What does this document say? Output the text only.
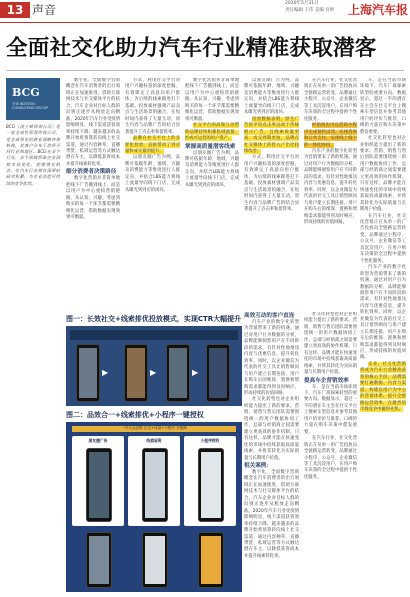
13 声音	2020年5月31日
责任编辑 王伟 美编 宫婷 上海汽车报
全面社交化助力汽车行业精准获取潜客
BCG
THE BOSTON CONSULTING GROUP
BCG（波士顿咨询公司）是一家全球性管理咨询公司，是全球领先的商业战略咨询机构，其客户分布于世界不同行业和地区。BCG在多个行业、多个领域帮助企业洞察市场变化、把握增长机会，在汽车行业拥有深厚的研究积累，为企业创造可持续的竞争优势。

数字化、全面数字营销概念在汽车消费者的出行领域正在加速推进，借助互联网技术与社交媒体平台的结合，汽车企业对目标人群的识别正逐步从粗放走向精准。2020年汽车行业受疫情影响明显，线下渠道获客效率持续下降，越来越多的品牌开始将预算转向线上社交渠道，通过内容种草、直播带货、私域运营等方式触达潜在车主，以降低获客成本并提升线索转化率。

细分消费者决策路径

数字化营销并非简单地把线下广告搬到线上，而是以用户为中心重构营销链路，从认知、兴趣、考虑到购买的每一个环节都需要精细化运营，借助数据实现效果可衡量。

方式，利用社交平台对用户兴趣标签的深度挖掘，有效锁定了高意向用户群体，为后续的线索跟进打下基础。投放素材强调产品卖点与生活场景的融合，在短时间内获得了大量互动，原生内容与品牌广告的结合显著提升了点击率和留资率。

品牌在社交平台上的多样化投放，直接带动了到店量和成交量的提升。

以朋友圈广告为例，品牌可依据年龄、地域、兴趣及消费能力等维度进行人群定向，并结合LBS能力将线上流量导向线下门店，完成从曝光到到店的闭环。

数字化营销并非简单地把线下广告搬到线上，而是以用户为中心重构营销链路，从认知、兴趣、考虑到购买的每一个环节都需要精细化运营，借助数据实现效果可衡量。

社交平台的高频互动帮助品牌持续积累私域流量，形成可运营的用户资产。

掌握高质量潜客线索

以朋友圈广告为例，品牌可依据年龄、地域、兴趣及消费能力等维度进行人群定向，并结合LBS能力将线上流量导向线下门店，完成从曝光到到店的闭环。

以朋友圈广告为例，品牌可依据年龄、地域、兴趣及消费能力等维度进行人群定向，并结合LBS能力将线上流量导向线下门店，完成从曝光到到店的闭环。

投放数据表明，原生广告的平均点击率远高于传统展示广告，且线索质量更高、成交周期更短，品牌在社交媒体上的投入产出比持续改善。

方式，利用社交平台对用户兴趣标签的深度挖掘，有效锁定了高意向用户群体，为后续的线索跟进打下基础。投放素材强调产品卖点与生活场景的融合，在短时间内获得了大量互动，原生内容与品牌广告的结合显著提升了点击率和留资率。

在汽车行业，社交化营销正在从单一的广告投放向全链路运营转变。品牌通过小程序、公众号、企业微信等工具沉淀用户，在用户购车决策的全过程中提供个性化服务。

经销商也可以借助小程序完成预约试驾、在线咨询和订单支付，实现线上线下的一体化协同。

汽车产业的数字化转型为营销带来了新的机遇。通过对用户行为数据的分析，品牌能够洞察用户在不同阶段的需求，有针对性地推送内容与优惠信息，提升转化效率。同时，以企业微信为代表的社交工具让销售顾问与用户建立长期连接，用户在购车后的维保、置换和增购需求都能得到及时响应，形成持续的价值回路。

车，是在当前市场环境下，汽车厂商探索转型的重要方向。数据显示，超过一半的潜在车主会在社交平台上搜索车型信息并参考其他用户的评价与推荐，口碑的力量在购车决策中愈发重要。

社交化转型也对企业组织能力提出了新的要求。营销、销售与售后团队需要围绕统一的用户数据协同工作，总部与经销商之间需要建立更高效的协作机制。只有这样，品牌才能在快速变化的市场中持续获取高质量线索，并将其转化为实际销量与长期用户价值。

在汽车行业，社交化营销正在从单一的广告投放向全链路运营转变。品牌通过小程序、公众号、企业微信等工具沉淀用户，在用户购车决策的全过程中提供个性化服务。

汽车产业的数字化转型为营销带来了新的机遇。通过对用户行为数据的分析，品牌能够洞察用户在不同阶段的需求，有针对性地推送内容与优惠信息，提升转化效率。同时，以企业微信为代表的社交工具让销售顾问与用户建立长期连接，用户在购车后的维保、置换和增购需求都能得到及时响应，形成持续的价值回路。

未来，社交化营销将成为汽车行业精准获客的核心手段，品牌需要打通数据、内容与渠道，构建以用户为中心的营销体系，提升全链路运营效率，在激烈的市场竞争中赢得先机。

高效互动的客户直连

汽车产业的数字化转型为营销带来了新的机遇。通过对用户行为数据的分析，品牌能够洞察用户在不同阶段的需求，有针对性地推送内容与优惠信息，提升转化效率。同时，以企业微信为代表的社交工具让销售顾问与用户建立长期连接，用户在购车后的维保、置换和增购需求都能得到及时响应，形成持续的价值回路。

社交化转型也对企业组织能力提出了新的要求。营销、销售与售后团队需要围绕统一的用户数据协同工作，总部与经销商之间需要建立更高效的协作机制。只有这样，品牌才能在快速变化的市场中持续获取高质量线索，并将其转化为实际销量与长期用户价值。

相关案例：

数字化、全面数字营销概念在汽车消费者的出行领域正在加速推进，借助互联网技术与社交媒体平台的结合，汽车企业对目标人群的识别正逐步从粗放走向精准。2020年汽车行业受疫情影响明显，线下渠道获客效率持续下降，越来越多的品牌开始将预算转向线上社交渠道，通过内容种草、直播带货、私域运营等方式触达潜在车主，以降低获客成本并提升线索转化率。

社交化转型也对企业组织能力提出了新的要求。营销、销售与售后团队需要围绕统一的用户数据协同工作，总部与经销商之间需要建立更高效的协作机制。只有这样，品牌才能在快速变化的市场中持续获取高质量线索，并将其转化为实际销量与长期用户价值。

提高车企营销效率

车，是在当前市场环境下，汽车厂商探索转型的重要方向。数据显示，超过一半的潜在车主会在社交平台上搜索车型信息并参考其他用户的评价与推荐，口碑的力量在购车决策中愈发重要。

在汽车行业，社交化营销正在从单一的广告投放向全链路运营转变。品牌通过小程序、公众号、企业微信等工具沉淀用户，在用户购车决策的全过程中提供个性化服务。

图一：长效社交+线索排优投放模式，实现CTR大幅提升
▶	▶	▶
图二：品效合一+线索排优+小程序一键授权
一汽大众品牌 社交+线索+小程序 全链路
朋友圈广告	线索留资	小程序授权
